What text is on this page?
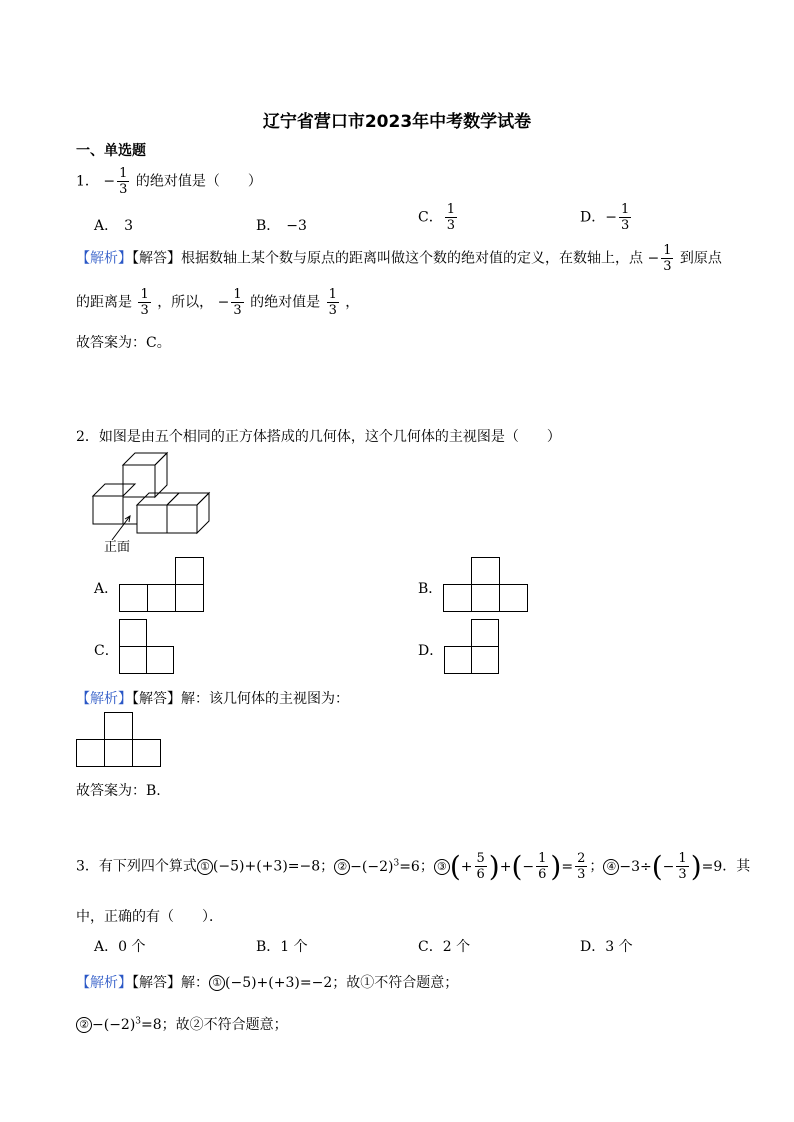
辽宁省营口市2023年中考数学试卷
一、单选题
1． − $\frac{1}{3}$ 的绝对值是（　　）
A． 3	B． −3
C． $\frac{1}{3}$	D．− $\frac{1}{3}$
【解析】【解答】根据数轴上某个数与原点的距离叫做这个数的绝对值的定义，在数轴上，点 − $\frac{1}{3}$ 到原点
的距离是 $\frac{1}{3}$ ，所以， − $\frac{1}{3}$ 的绝对值是 $\frac{1}{3}$ ，
故答案为：C。
2．如图是由五个相同的正方体搭成的几何体，这个几何体的主视图是（　　）
正面
A．	B．
C．	D．
【解析】【解答】解：该几何体的主视图为：
故答案为：B.
3．有下列四个算式 ① (−5)+(+3)=−8； ② $-(-2)^3=6$； ③ (+ $\frac{5}{6}$ )+(− $\frac{1}{6}$ )= $\frac{2}{3}$ ； ④ $-3\div(- \frac{1}{3} )=9$．其
中，正确的有（　　）．
A．0 个	B．1 个	C．2 个	D．3 个
【解析】【解答】解： ① (−5)+(+3)=−2；故①不符合题意；
② $-(-2)^3=8$；故②不符合题意；
